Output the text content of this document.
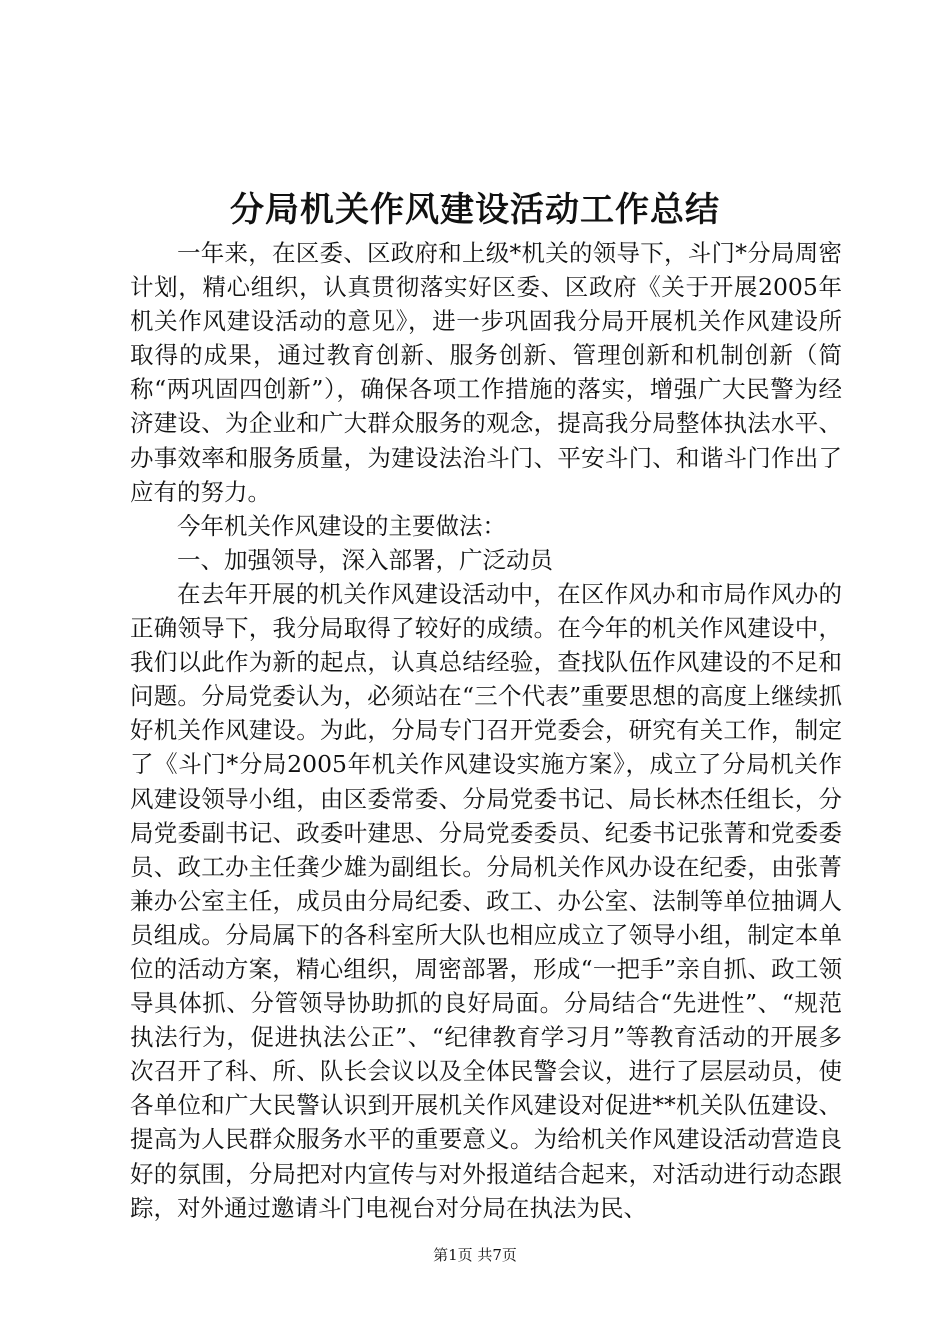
分局机关作风建设活动工作总结

一年来，在区委、区政府和上级*机关的领导下，斗门*分局周密计划，精心组织，认真贯彻落实好区委、区政府《关于开展2005年机关作风建设活动的意见》，进一步巩固我分局开展机关作风建设所取得的成果，通过教育创新、服务创新、管理创新和机制创新（简称“两巩固四创新”），确保各项工作措施的落实，增强广大民警为经济建设、为企业和广大群众服务的观念，提高我分局整体执法水平、办事效率和服务质量，为建设法治斗门、平安斗门、和谐斗门作出了应有的努力。

今年机关作风建设的主要做法：

一、加强领导，深入部署，广泛动员

在去年开展的机关作风建设活动中，在区作风办和市局作风办的正确领导下，我分局取得了较好的成绩。在今年的机关作风建设中，我们以此作为新的起点，认真总结经验，查找队伍作风建设的不足和问题。分局党委认为，必须站在“三个代表”重要思想的高度上继续抓好机关作风建设。为此，分局专门召开党委会，研究有关工作，制定了《斗门*分局2005年机关作风建设实施方案》，成立了分局机关作风建设领导小组，由区委常委、分局党委书记、局长林杰任组长，分局党委副书记、政委叶建思、分局党委委员、纪委书记张菁和党委委员、政工办主任龚少雄为副组长。分局机关作风办设在纪委，由张菁兼办公室主任，成员由分局纪委、政工、办公室、法制等单位抽调人员组成。分局属下的各科室所大队也相应成立了领导小组，制定本单位的活动方案，精心组织，周密部署，形成“一把手”亲自抓、政工领导具体抓、分管领导协助抓的良好局面。分局结合“先进性”、“规范执法行为，促进执法公正”、“纪律教育学习月”等教育活动的开展多次召开了科、所、队长会议以及全体民警会议，进行了层层动员，使各单位和广大民警认识到开展机关作风建设对促进**机关队伍建设、提高为人民群众服务水平的重要意义。为给机关作风建设活动营造良好的氛围，分局把对内宣传与对外报道结合起来，对活动进行动态跟踪，对外通过邀请斗门电视台对分局在执法为民、

第1页 共7页
